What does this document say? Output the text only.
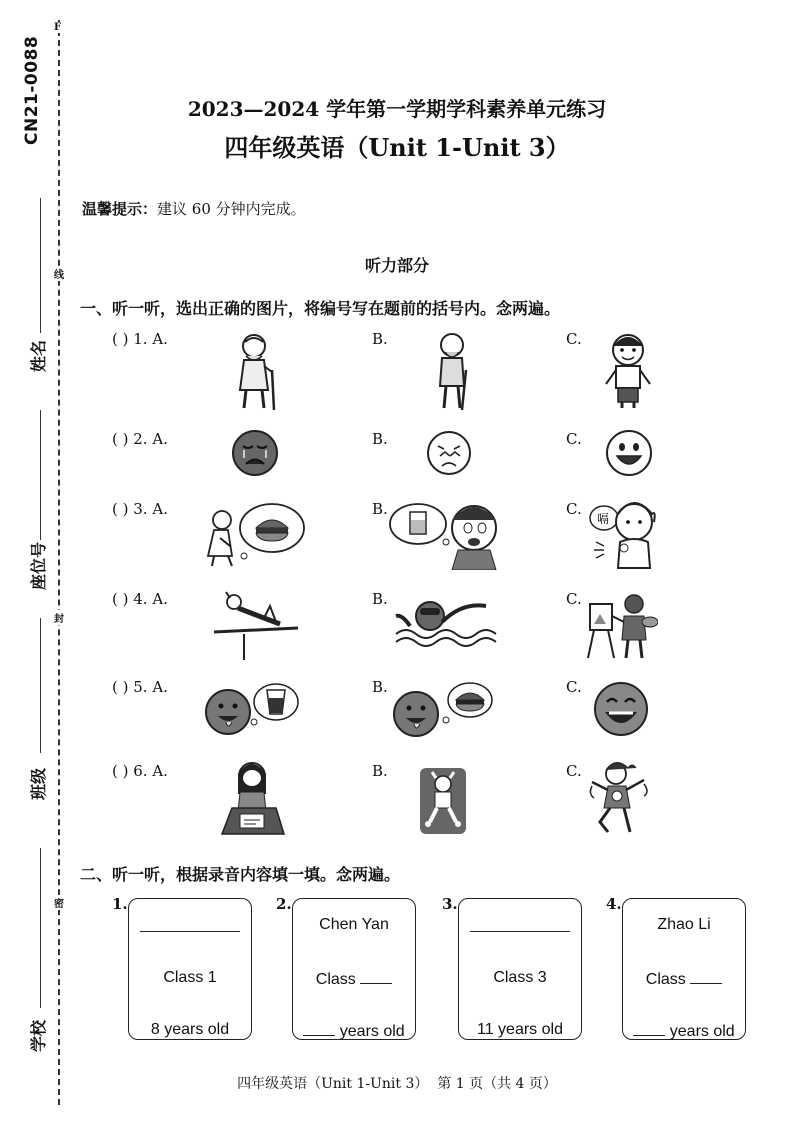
F
CN21-0088
姓名
座位号
班级
学校
线
封
密
2023—2024 学年第一学期学科素养单元练习
四年级英语（Unit 1-Unit 3）
温馨提示：建议 60 分钟内完成。
听力部分
一、听一听，选出正确的图片，将编号写在题前的括号内。念两遍。
( ) 1. A.	B.	C.
( ) 2. A.	B.	C.
( ) 3. A.	B.	C.
( ) 4. A.	B.	C.
( ) 5. A.	B.	C.
( ) 6. A.	B.	C.
嗝
二、听一听，根据录音内容填一填。念两遍。
1.
Class 1
8 years old
2.
Chen Yan
Class
years old
3.
Class 3
11 years old
4.
Zhao Li
Class
years old
四年级英语（Unit 1-Unit 3）  第 1 页（共 4 页）
